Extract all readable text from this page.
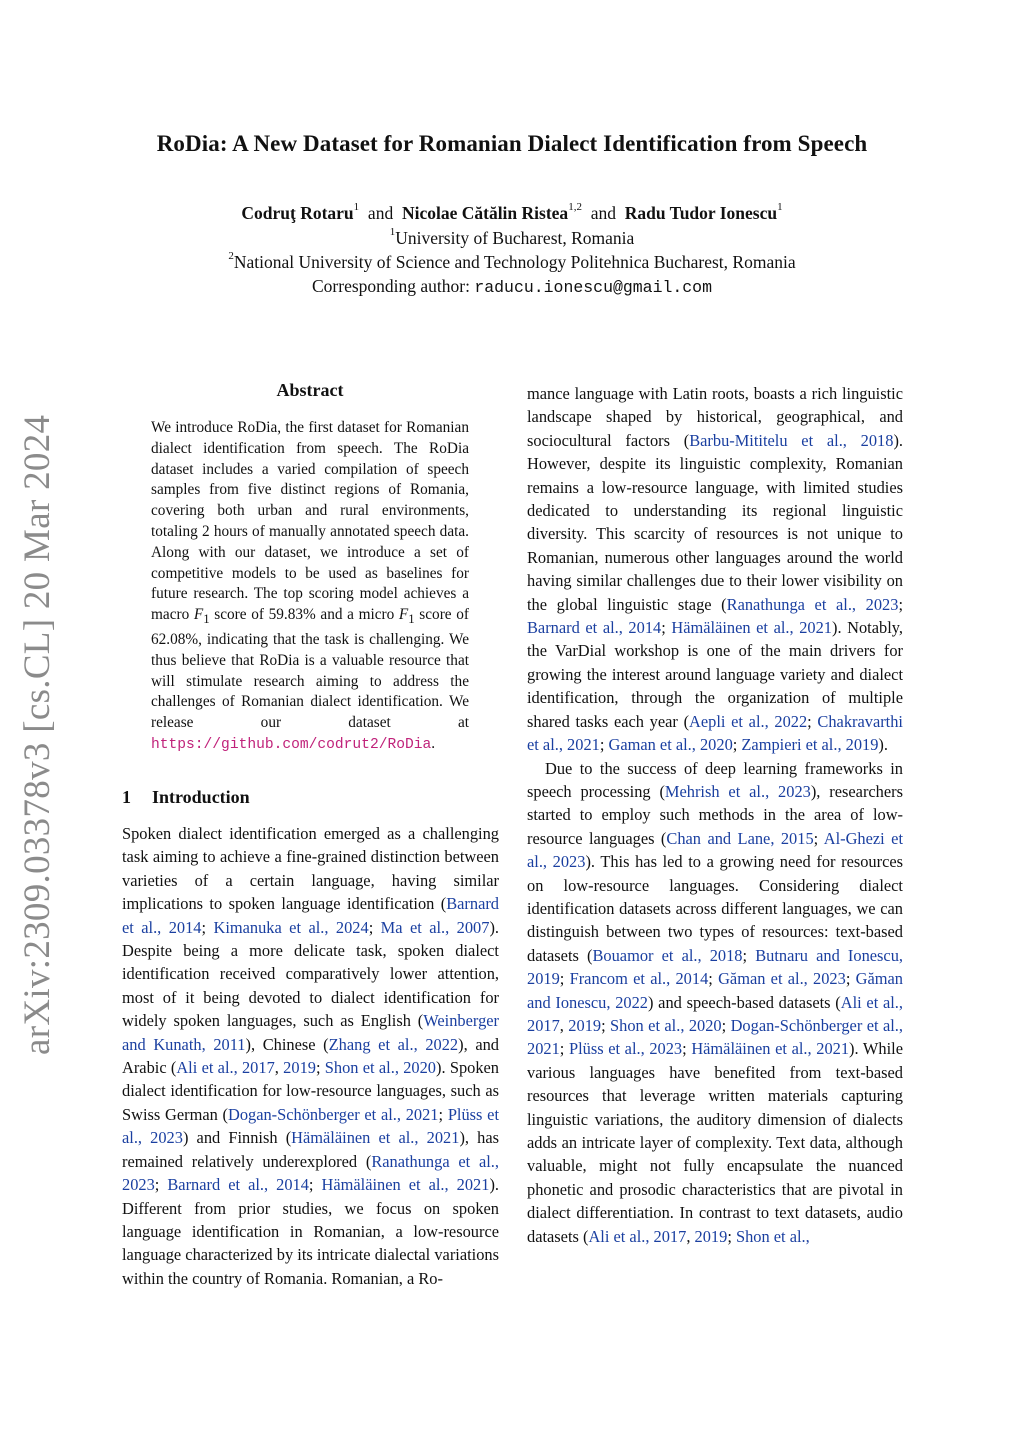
RoDia: A New Dataset for Romanian Dialect Identification from Speech
Codruţ Rotaru$^1$ and Nicolae Cătălin Ristea$^{1,2}$ and Radu Tudor Ionescu$^1$
$^1$University of Bucharest, Romania
$^2$National University of Science and Technology Politehnica Bucharest, Romania
Corresponding author: raducu.ionescu@gmail.com
arXiv:2309.03378v3 [cs.CL] 20 Mar 2024
Abstract
We introduce RoDia, the first dataset for Romanian dialect identification from speech. The RoDia dataset includes a varied compilation of speech samples from five distinct regions of Romania, covering both urban and rural environments, totaling 2 hours of manually annotated speech data. Along with our dataset, we introduce a set of competitive models to be used as baselines for future research. The top scoring model achieves a macro $F_1$ score of 59.83% and a micro $F_1$ score of 62.08%, indicating that the task is challenging. We thus believe that RoDia is a valuable resource that will stimulate research aiming to address the challenges of Romanian dialect identification. We release our dataset at https://github.com/codrut2/RoDia.
1 Introduction
Spoken dialect identification emerged as a challenging task aiming to achieve a fine-grained distinction between varieties of a certain language, having similar implications to spoken language identification (Barnard et al., 2014; Kimanuka et al., 2024; Ma et al., 2007). Despite being a more delicate task, spoken dialect identification received comparatively lower attention, most of it being devoted to dialect identification for widely spoken languages, such as English (Weinberger and Kunath, 2011), Chinese (Zhang et al., 2022), and Arabic (Ali et al., 2017, 2019; Shon et al., 2020). Spoken dialect identification for low-resource languages, such as Swiss German (Dogan-Schönberger et al., 2021; Plüss et al., 2023) and Finnish (Hämäläinen et al., 2021), has remained relatively underexplored (Ranathunga et al., 2023; Barnard et al., 2014; Hämäläinen et al., 2021). Different from prior studies, we focus on spoken language identification in Romanian, a low-resource language characterized by its intricate dialectal variations within the country of Romania. Romanian, a Ro-

mance language with Latin roots, boasts a rich linguistic landscape shaped by historical, geographical, and sociocultural factors (Barbu-Mititelu et al., 2018). However, despite its linguistic complexity, Romanian remains a low-resource language, with limited studies dedicated to understanding its regional linguistic diversity. This scarcity of resources is not unique to Romanian, numerous other languages around the world having similar challenges due to their lower visibility on the global linguistic stage (Ranathunga et al., 2023; Barnard et al., 2014; Hämäläinen et al., 2021). Notably, the VarDial workshop is one of the main drivers for growing the interest around language variety and dialect identification, through the organization of multiple shared tasks each year (Aepli et al., 2022; Chakravarthi et al., 2021; Gaman et al., 2020; Zampieri et al., 2019).

Due to the success of deep learning frameworks in speech processing (Mehrish et al., 2023), researchers started to employ such methods in the area of low-resource languages (Chan and Lane, 2015; Al-Ghezi et al., 2023). This has led to a growing need for resources on low-resource languages. Considering dialect identification datasets across different languages, we can distinguish between two types of resources: text-based datasets (Bouamor et al., 2018; Butnaru and Ionescu, 2019; Francom et al., 2014; Găman et al., 2023; Găman and Ionescu, 2022) and speech-based datasets (Ali et al., 2017, 2019; Shon et al., 2020; Dogan-Schönberger et al., 2021; Plüss et al., 2023; Hämäläinen et al., 2021). While various languages have benefited from text-based resources that leverage written materials capturing linguistic variations, the auditory dimension of dialects adds an intricate layer of complexity. Text data, although valuable, might not fully encapsulate the nuanced phonetic and prosodic characteristics that are pivotal in dialect differentiation. In contrast to text datasets, audio datasets (Ali et al., 2017, 2019; Shon et al.,
